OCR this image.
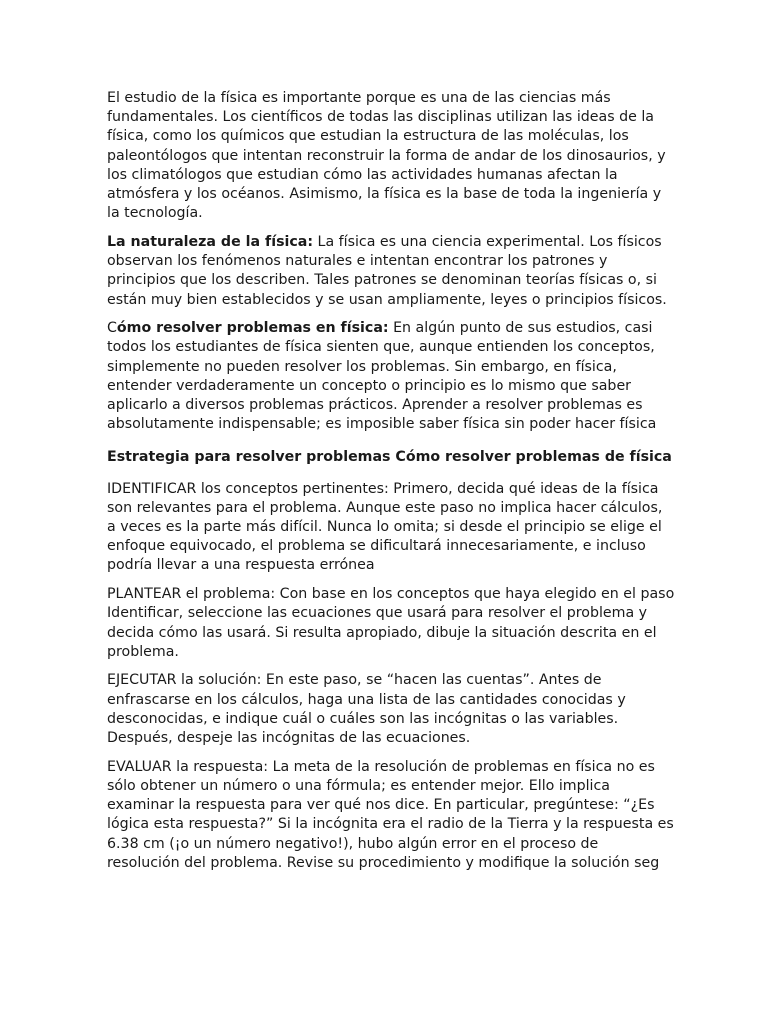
El estudio de la física es importante porque es una de las ciencias más fundamentales. Los científicos de todas las disciplinas utilizan las ideas de la física, como los químicos que estudian la estructura de las moléculas, los paleontólogos que intentan reconstruir la forma de andar de los dinosaurios, y los climatólogos que estudian cómo las actividades humanas afectan la atmósfera y los océanos. Asimismo, la física es la base de toda la ingeniería y la tecnología.

La naturaleza de la física: La física es una ciencia experimental. Los físicos observan los fenómenos naturales e intentan encontrar los patrones y principios que los describen. Tales patrones se denominan teorías físicas o, si están muy bien establecidos y se usan ampliamente, leyes o principios físicos.

Cómo resolver problemas en física: En algún punto de sus estudios, casi todos los estudiantes de física sienten que, aunque entienden los conceptos, simplemente no pueden resolver los problemas. Sin embargo, en física, entender verdaderamente un concepto o principio es lo mismo que saber aplicarlo a diversos problemas prácticos. Aprender a resolver problemas es absolutamente indispensable; es imposible saber física sin poder hacer física

Estrategia para resolver problemas Cómo resolver problemas de física

IDENTIFICAR los conceptos pertinentes: Primero, decida qué ideas de la física son relevantes para el problema. Aunque este paso no implica hacer cálculos, a veces es la parte más difícil. Nunca lo omita; si desde el principio se elige el enfoque equivocado, el problema se dificultará innecesariamente, e incluso podría llevar a una respuesta errónea

PLANTEAR el problema: Con base en los conceptos que haya elegido en el paso Identificar, seleccione las ecuaciones que usará para resolver el problema y decida cómo las usará. Si resulta apropiado, dibuje la situación descrita en el problema.

EJECUTAR la solución: En este paso, se “hacen las cuentas”. Antes de enfrascarse en los cálculos, haga una lista de las cantidades conocidas y desconocidas, e indique cuál o cuáles son las incógnitas o las variables. Después, despeje las incógnitas de las ecuaciones.

EVALUAR la respuesta: La meta de la resolución de problemas en física no es sólo obtener un número o una fórmula; es entender mejor. Ello implica examinar la respuesta para ver qué nos dice. En particular, pregúntese: “¿Es lógica esta respuesta?” Si la incógnita era el radio de la Tierra y la respuesta es 6.38 cm (¡o un número negativo!), hubo algún error en el proceso de resolución del problema. Revise su procedimiento y modifique la solución seg
